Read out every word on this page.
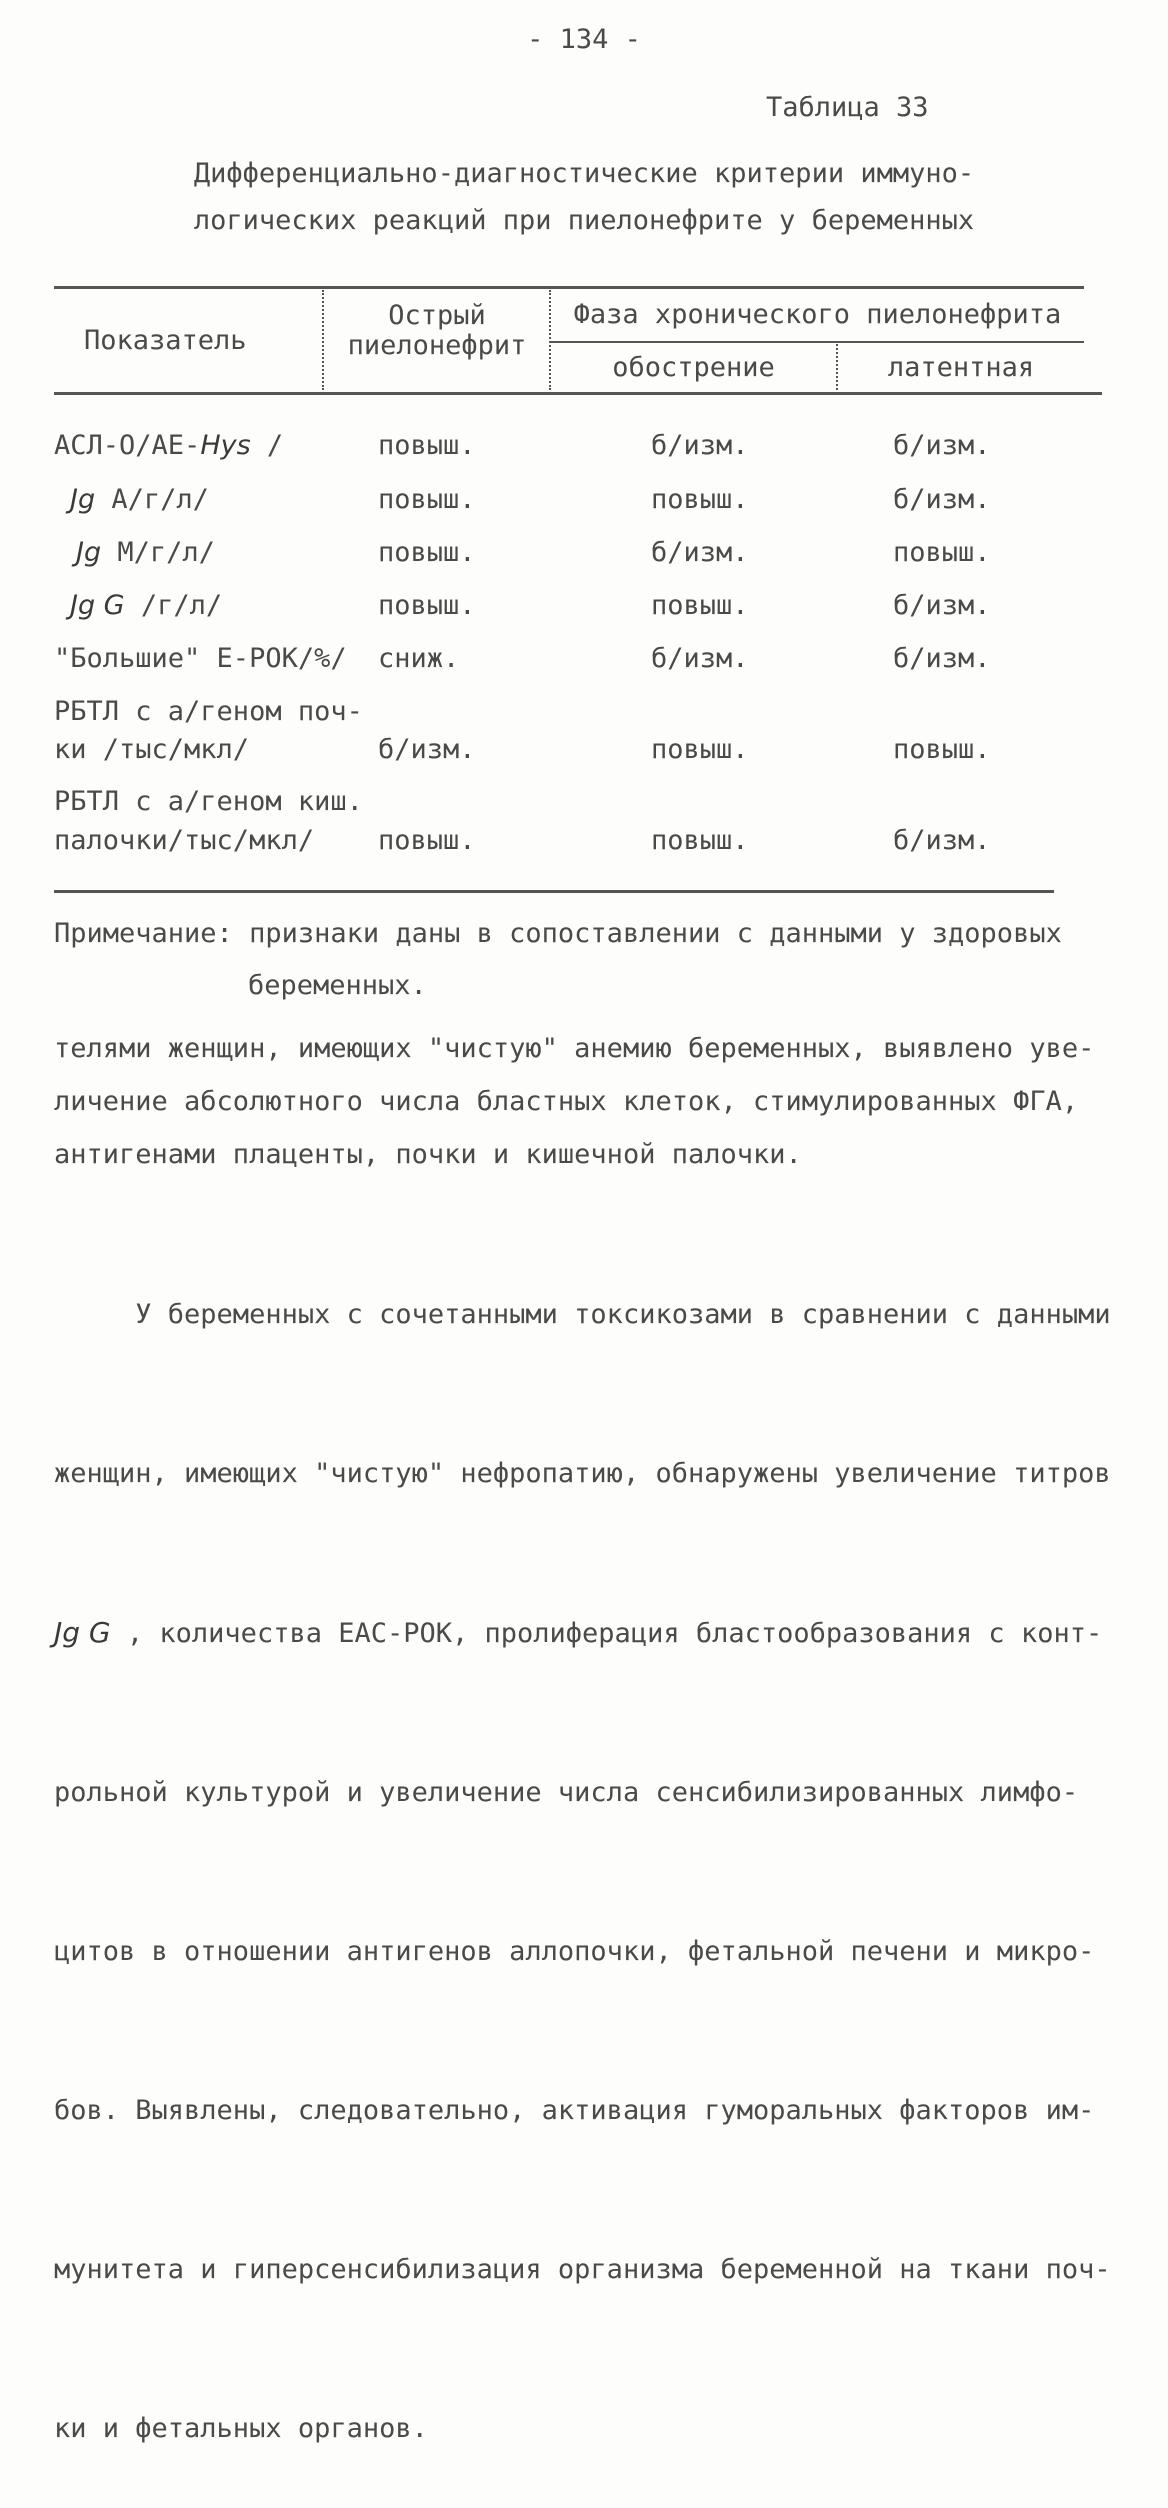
- 134 -
Таблица 33
Дифференциально-диагностические критерии иммуно-
логических реакций при пиелонефрите у беременных
Показатель
Острый
пиелонефрит
Фаза хронического пиелонефрита
обострение	латентная
АСЛ-О/АЕ-Hys /	повыш.	б/изм.	б/изм.
Jg А/г/л/	повыш.	повыш.	б/изм.
Jg М/г/л/	повыш.	б/изм.	повыш.
Jg G /г/л/	повыш.	повыш.	б/изм.
"Большие" Е-РОК/%/ сниж.	б/изм.	б/изм.
РБТЛ с а/геном поч-
ки /тыс/мкл/	б/изм.	повыш.	повыш.
РБТЛ с а/геном киш.
палочки/тыс/мкл/ повыш.	повыш.	б/изм.
Примечание: признаки даны в сопоставлении с данными у здоровых
беременных.
телями женщин, имеющих "чистую" анемию беременных, выявлено уве-
личение абсолютного числа бластных клеток, стимулированных ФГА,
антигенами плаценты, почки и кишечной палочки.

У беременных с сочетанными токсикозами в сравнении с данными

женщин, имеющих "чистую" нефропатию, обнаружены увеличение титров

Jg G , количества ЕАС-РОК, пролиферация бластообразования с конт-

рольной культурой и увеличение числа сенсибилизированных лимфо-

цитов в отношении антигенов аллопочки, фетальной печени и микро-

бов. Выявлены, следовательно, активация гуморальных факторов им-

мунитета и гиперсенсибилизация организма беременной на ткани поч-

ки и фетальных органов.
